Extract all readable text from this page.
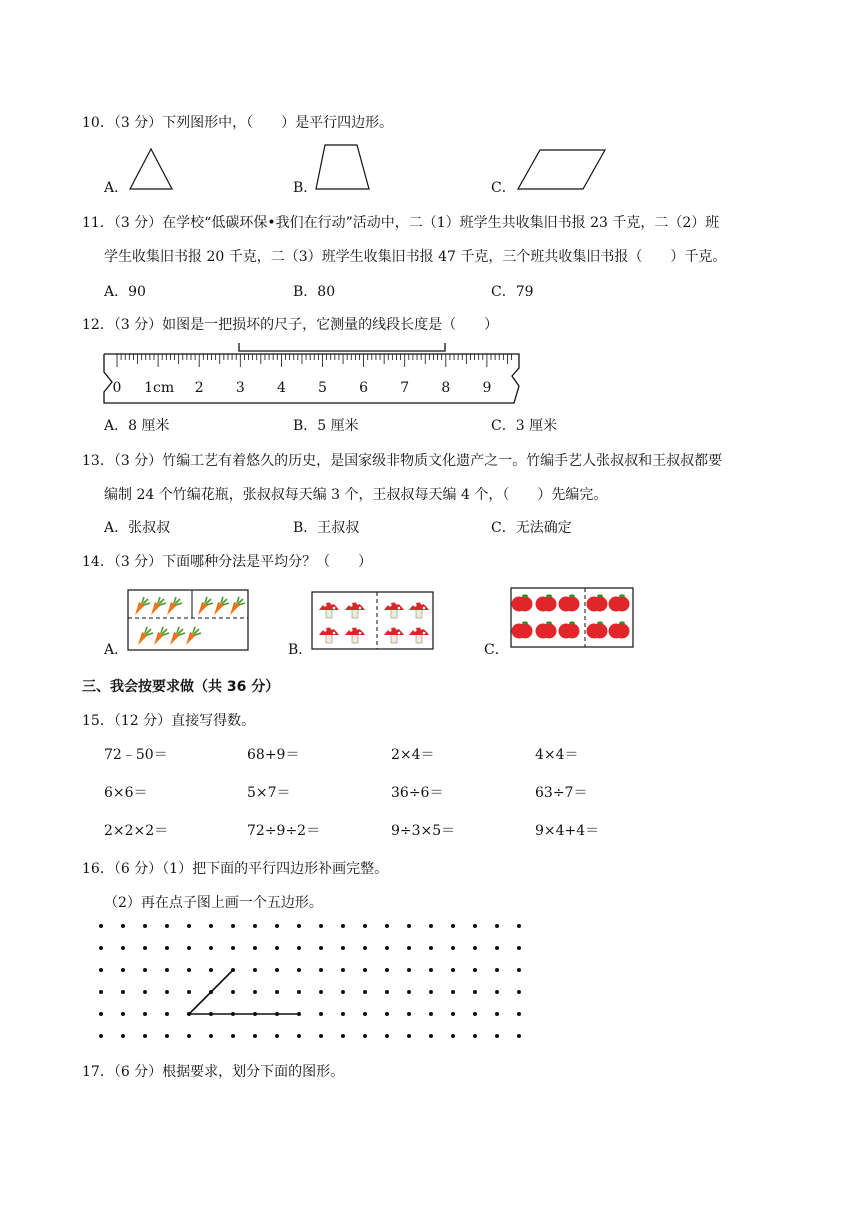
10．（3 分）下列图形中，（　　）是平行四边形。
A．	B．	C．
11．（3 分）在学校“低碳环保•我们在行动”活动中，二（1）班学生共收集旧书报 23 千克，二（2）班
学生收集旧书报 20 千克，二（3）班学生收集旧书报 47 千克，三个班共收集旧书报（　　）千克。
A．90	B．80	C．79
12．（3 分）如图是一把损坏的尺子，它测量的线段长度是（　　）
0 1cm 2 3 4 5 6 7 8 9
A．8 厘米	B．5 厘米	C．3 厘米
13．（3 分）竹编工艺有着悠久的历史，是国家级非物质文化遗产之一。竹编手艺人张叔叔和王叔叔都要
编制 24 个竹编花瓶，张叔叔每天编 3 个，王叔叔每天编 4 个，（　　）先编完。
A．张叔叔	B．王叔叔	C．无法确定
14．（3 分）下面哪种分法是平均分？（　　）
A．	B．	C．
三、我会按要求做（共 36 分）
15．（12 分）直接写得数。
72﹣50＝	68+9＝	2×4＝	4×4＝
6×6＝	5×7＝	36÷6＝	63÷7＝
2×2×2＝	72÷9÷2＝	9÷3×5＝	9×4+4＝
16．（6 分）（1）把下面的平行四边形补画完整。
（2）再在点子图上画一个五边形。
17．（6 分）根据要求，划分下面的图形。
